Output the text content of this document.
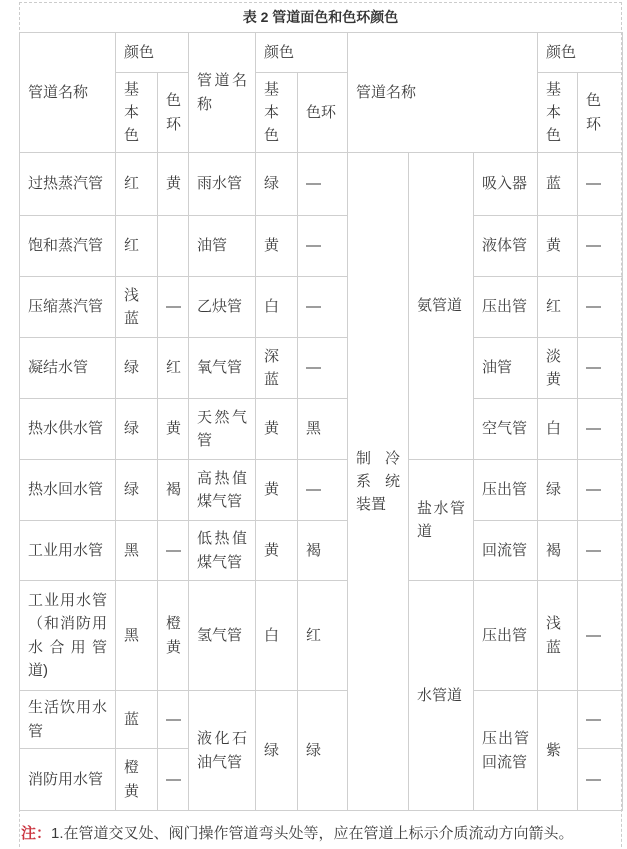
表 2 管道面色和色环颜色
管道名称	颜色		管道名称	颜色		管道名称			颜色	
	基本色	色环		基本色	色环				基本色	色环
过热蒸汽管	红	黄	雨水管	绿	—	制冷系统装置	氨管道	吸入器	蓝	—
饱和蒸汽管	红		油管	黄	—			液体管	黄	—
压缩蒸汽管	浅蓝	—	乙炔管	白	—			压出管	红	—
凝结水管	绿	红	氧气管	深蓝	—			油管	淡黄	—
热水供水管	绿	黄	天然气管	黄	黑			空气管	白	—
热水回水管	绿	褐	高热值煤气管	黄	—		盐水管道	压出管	绿	—
工业用水管	黑	—	低热值煤气管	黄	褐			回流管	褐	—
工业用水管（和消防用水合用管道)	黑	橙黄	氢气管	白	红		水管道	压出管	浅蓝	—
生活饮用水管	蓝	—	液化石油气管	绿	绿			压出管回流管	紫	—
消防用水管	橙黄	—								—

注：1.在管道交叉处、阀门操作管道弯头处等，应在管道上标示介质流动方向箭头。
